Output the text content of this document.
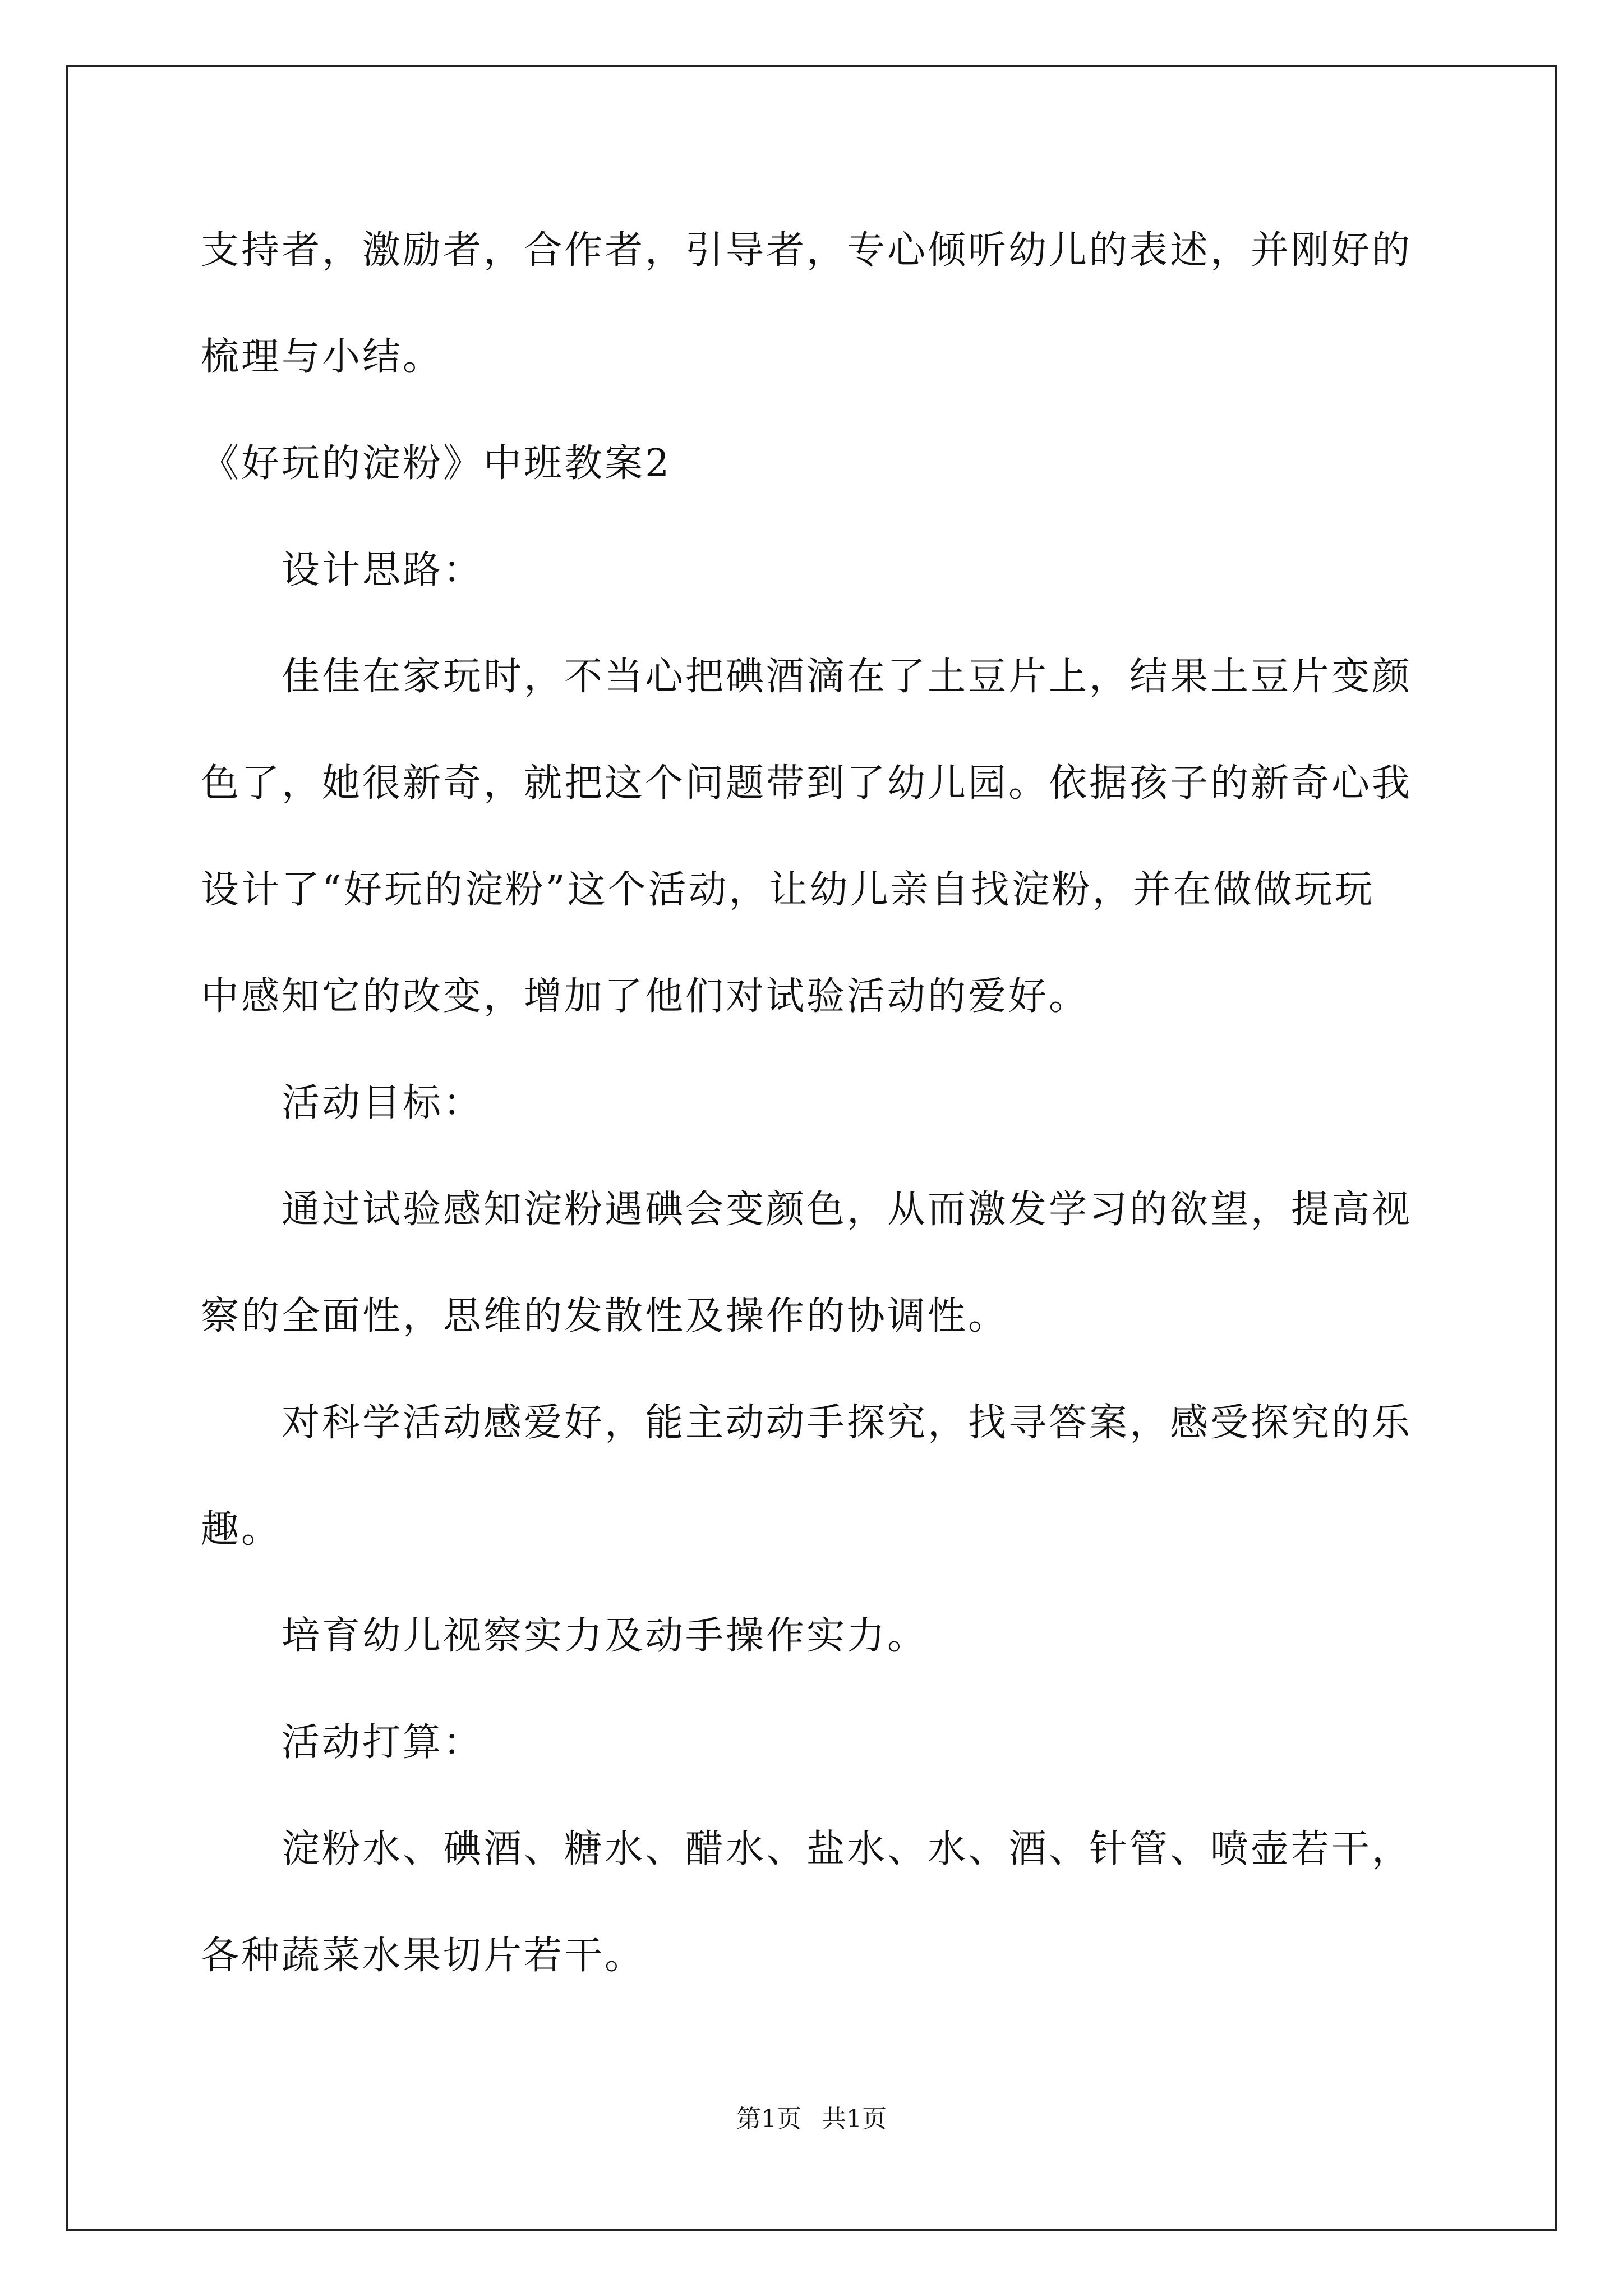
支持者，激励者，合作者，引导者，专心倾听幼儿的表述，并刚好的
梳理与小结。
《好玩的淀粉》中班教案2
设计思路：
佳佳在家玩时，不当心把碘酒滴在了土豆片上，结果土豆片变颜
色了，她很新奇，就把这个问题带到了幼儿园。依据孩子的新奇心我
设计了“好玩的淀粉”这个活动，让幼儿亲自找淀粉，并在做做玩玩
中感知它的改变，增加了他们对试验活动的爱好。
活动目标：
通过试验感知淀粉遇碘会变颜色，从而激发学习的欲望，提高视
察的全面性，思维的发散性及操作的协调性。
对科学活动感爱好，能主动动手探究，找寻答案，感受探究的乐
趣。
培育幼儿视察实力及动手操作实力。
活动打算：
淀粉水、碘酒、糖水、醋水、盐水、水、酒、针管、喷壶若干，
各种蔬菜水果切片若干。
第1页 共1页
